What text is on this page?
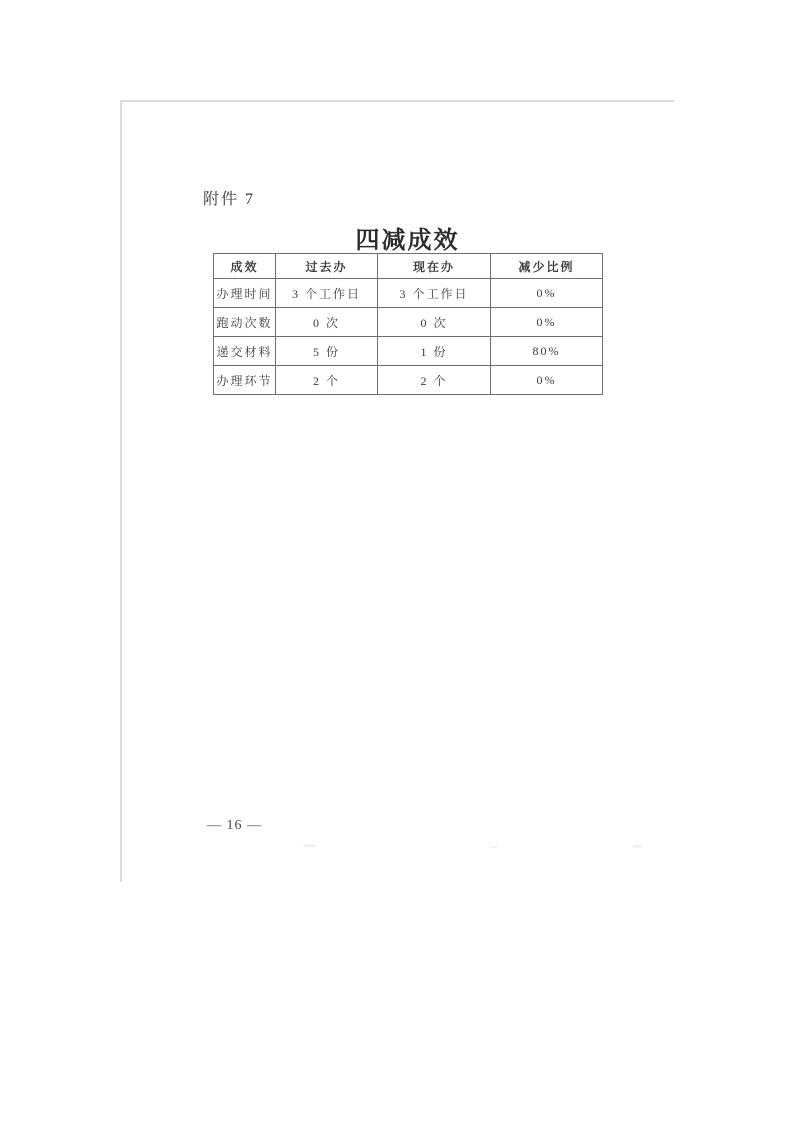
附件 7
四减成效
成效	过去办	现在办	减少比例
办理时间	3 个工作日	3 个工作日	0%
跑动次数	0 次	0 次	0%
递交材料	5 份	1 份	80%
办理环节	2 个	2 个	0%
— 16 —
